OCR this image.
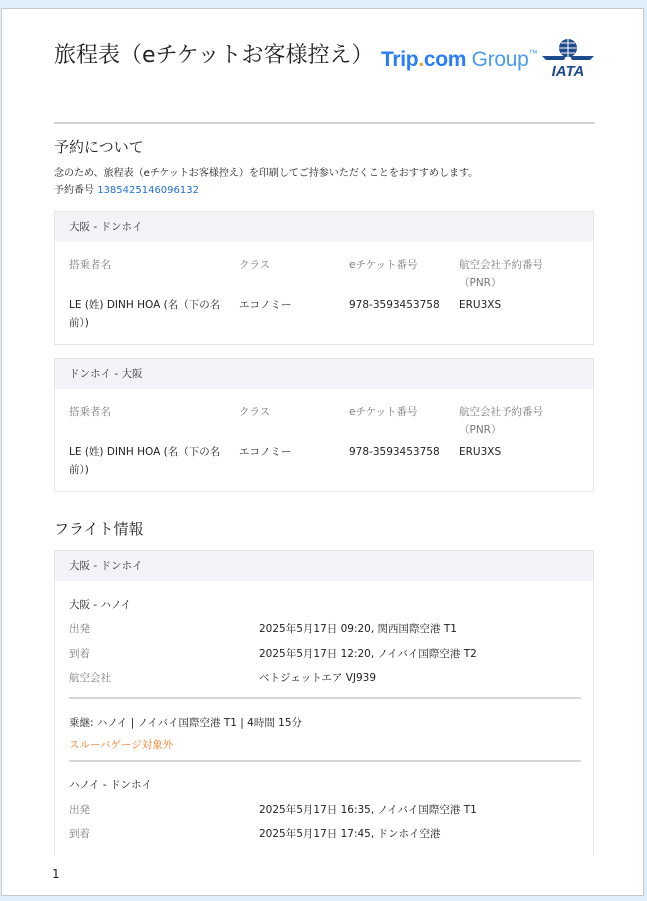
旅程表（eチケットお客様控え） Trip.com Group™
IATA
予約について
念のため、旅程表（eチケットお客様控え）を印刷してご持参いただくことをおすすめします。
予約番号 1385425146096132
大阪 - ドンホイ
搭乗者名	クラス	eチケット番号	航空会社予約番号（PNR）
LE (姓) DINH HOA (名（下の名前）)
エコノミー	978-3593453758	ERU3XS
ドンホイ - 大阪
搭乗者名	クラス	eチケット番号	航空会社予約番号（PNR）
LE (姓) DINH HOA (名（下の名前）)
エコノミー	978-3593453758	ERU3XS
フライト情報
大阪 - ドンホイ
大阪 - ハノイ
出発	2025年5月17日 09:20, 関西国際空港 T1
到着	2025年5月17日 12:20, ノイバイ国際空港 T2
航空会社	ベトジェットエア VJ939
乗継: ハノイ | ノイバイ国際空港 T1 | 4時間 15分
スルーバゲージ対象外
ハノイ - ドンホイ
出発	2025年5月17日 16:35, ノイバイ国際空港 T1
到着	2025年5月17日 17:45, ドンホイ空港
1
